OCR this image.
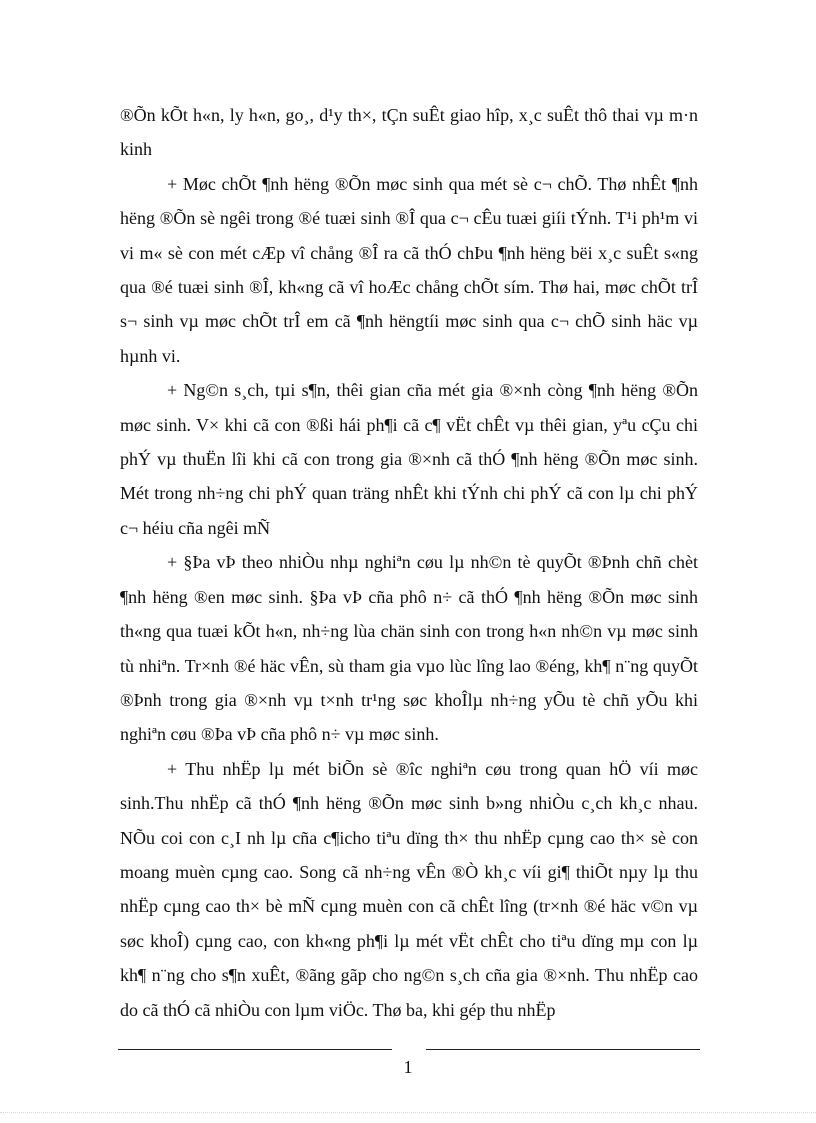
®Õn kÕt h«n, ly h«n, go¸, d¹y th×, tÇn suÊt giao hîp, x¸c suÊt thô thai vµ m·n kinh

+ Møc chÕt ¶nh hëng ®Õn møc sinh qua mét sè c¬ chÕ. Thø nhÊt ¶nh hëng ®Õn sè ngêi trong ®é tuæi sinh ®Î qua c¬ cÊu tuæi giíi tÝnh. T¹i ph¹m vi vi m« sè con mét cÆp vî chång ®Î ra cã thÓ chÞu ¶nh hëng bëi x¸c suÊt s«ng qua ®é tuæi sinh ®Î, kh«ng cã vî hoÆc chång chÕt sím. Thø hai, møc chÕt trÎ s¬ sinh vµ møc chÕt trÎ em cã ¶nh hëngtíi møc sinh qua c¬ chÕ sinh häc vµ hµnh vi.

+ Ng©n s¸ch, tµi s¶n, thêi gian cña mét gia ®×nh còng ¶nh hëng ®Õn møc sinh. V× khi cã con ®ßi hái ph¶i cã c¶ vËt chÊt vµ thêi gian, yªu cÇu chi phÝ vµ thuËn lîi khi cã con trong gia ®×nh cã thÓ ¶nh hëng ®Õn møc sinh. Mét trong nh÷ng chi phÝ quan träng nhÊt khi tÝnh chi phÝ cã con lµ chi phÝ c¬ héiu cña ngêi mÑ

+ §Þa vÞ theo nhiÒu nhµ nghiªn cøu lµ nh©n tè quyÕt ®Þnh chñ chèt ¶nh hëng ®en møc sinh. §Þa vÞ cña phô n÷ cã thÓ ¶nh hëng ®Õn møc sinh th«ng qua tuæi kÕt h«n, nh÷ng lùa chän sinh con trong h«n nh©n vµ møc sinh tù nhiªn. Tr×nh ®é häc vÊn, sù tham gia vµo lùc lîng lao ®éng, kh¶ n¨ng quyÕt ®Þnh trong gia ®×nh vµ t×nh tr¹ng søc khoÎlµ nh÷ng yÕu tè chñ yÕu khi nghiªn cøu ®Þa vÞ cña phô n÷ vµ møc sinh.

+ Thu nhËp lµ mét biÕn sè ®îc nghiªn cøu trong quan hÖ víi møc sinh.Thu nhËp cã thÓ ¶nh hëng ®Õn møc sinh b»ng nhiÒu c¸ch kh¸c nhau. NÕu coi con c¸I nh lµ cña c¶icho tiªu dïng th× thu nhËp cµng cao th× sè con moang muèn cµng cao. Song cã nh÷ng vÊn ®Ò kh¸c víi gi¶ thiÕt nµy lµ thu nhËp cµng cao th× bè mÑ cµng muèn con cã chÊt lîng (tr×nh ®é häc v©n vµ søc khoÎ) cµng cao, con kh«ng ph¶i lµ mét vËt chÊt cho tiªu dïng mµ con lµ kh¶ n¨ng cho s¶n xuÊt, ®ãng gãp cho ng©n s¸ch cña gia ®×nh. Thu nhËp cao do cã thÓ cã nhiÒu con lµm viÖc. Thø ba, khi gép thu nhËp

1
